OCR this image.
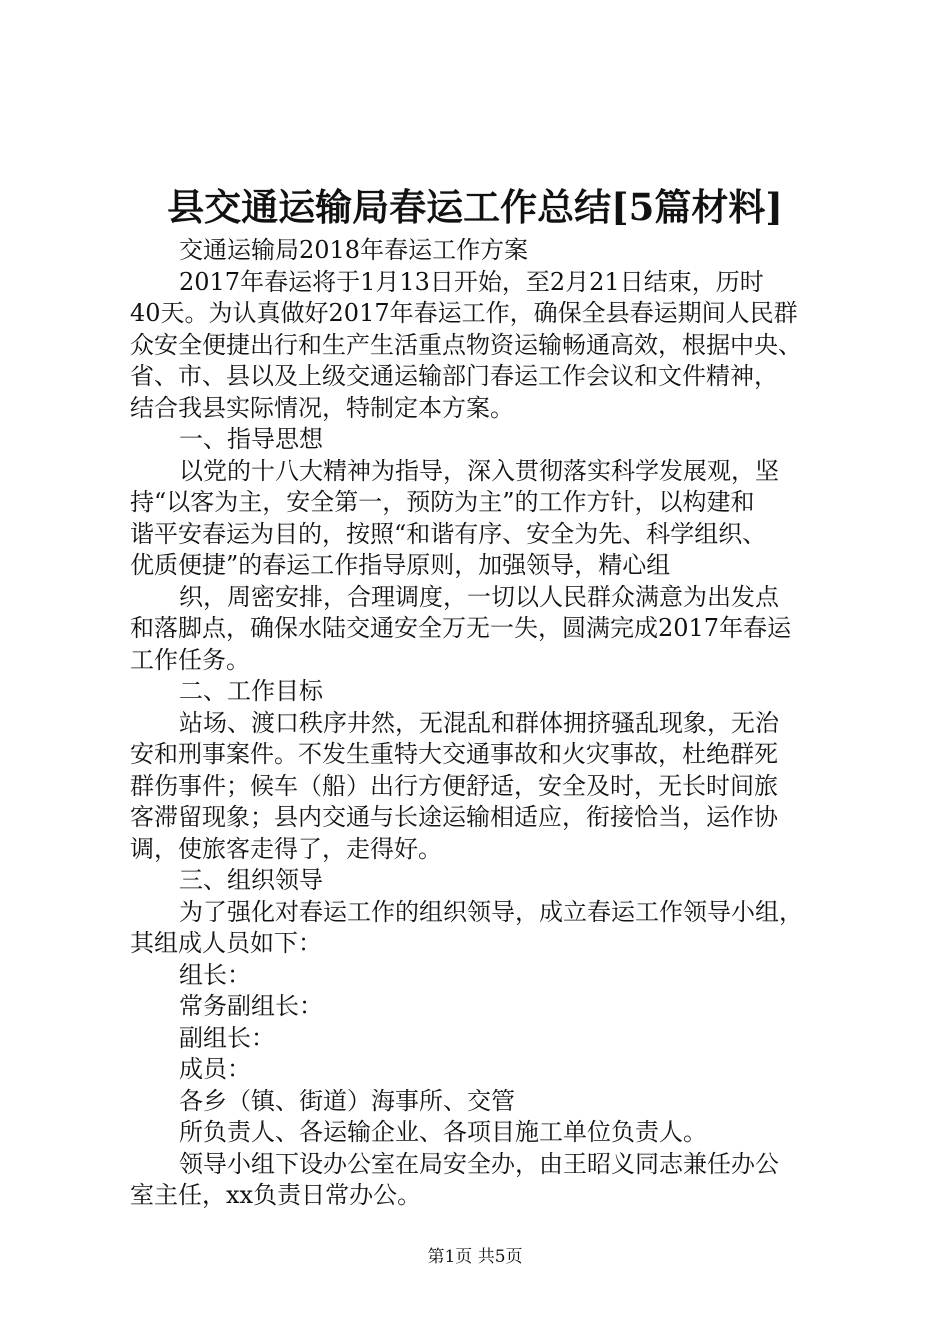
县交通运输局春运工作总结[5篇材料]
交通运输局2018年春运工作方案
2017年春运将于1月13日开始，至2月21日结束，历时
40天。为认真做好2017年春运工作，确保全县春运期间人民群
众安全便捷出行和生产生活重点物资运输畅通高效，根据中央、
省、市、县以及上级交通运输部门春运工作会议和文件精神，
结合我县实际情况，特制定本方案。
一、指导思想
以党的十八大精神为指导，深入贯彻落实科学发展观，坚
持“以客为主，安全第一，预防为主”的工作方针，以构建和
谐平安春运为目的，按照“和谐有序、安全为先、科学组织、
优质便捷”的春运工作指导原则，加强领导，精心组
织，周密安排，合理调度，一切以人民群众满意为出发点
和落脚点，确保水陆交通安全万无一失，圆满完成2017年春运
工作任务。
二、工作目标
站场、渡口秩序井然，无混乱和群体拥挤骚乱现象，无治
安和刑事案件。不发生重特大交通事故和火灾事故，杜绝群死
群伤事件；候车（船）出行方便舒适，安全及时，无长时间旅
客滞留现象；县内交通与长途运输相适应，衔接恰当，运作协
调，使旅客走得了，走得好。
三、组织领导
为了强化对春运工作的组织领导，成立春运工作领导小组，
其组成人员如下：
组长：
常务副组长：
副组长：
成员：
各乡（镇、街道）海事所、交管
所负责人、各运输企业、各项目施工单位负责人。
领导小组下设办公室在局安全办，由王昭义同志兼任办公
室主任，xx负责日常办公。
第1页 共5页
